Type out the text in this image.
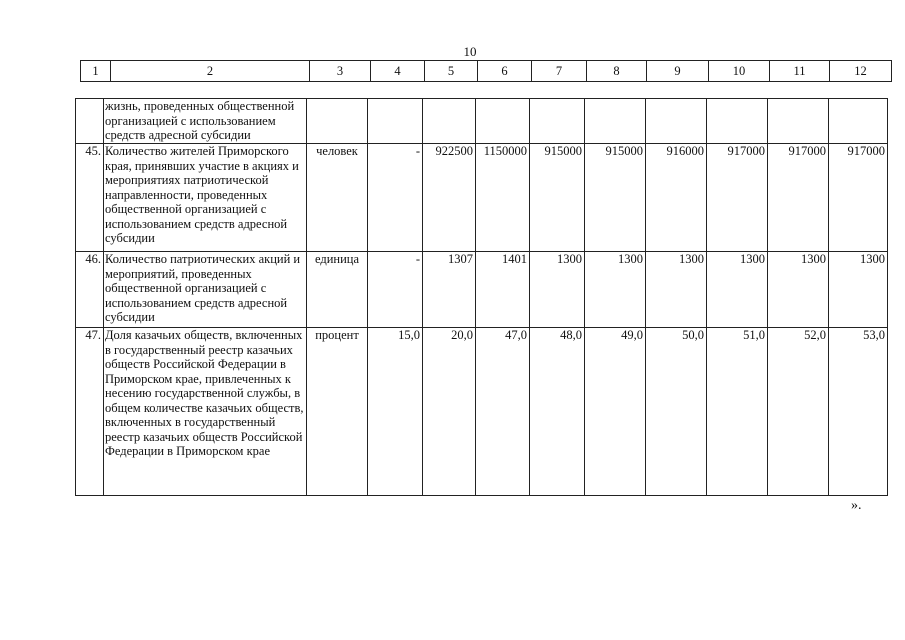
10
1	2	3	4	5	6	7	8	9	10	11	12
	жизнь, проведенных общественной организацией с использованием средств адресной субсидии										
45.	Количество жителей Приморского края, принявших участие в акциях и мероприятиях патриотической направленности, проведенных общественной организацией с использованием средств адресной субсидии	человек	-	922500	1150000	915000	915000	916000	917000	917000	917000
46.	Количество патриотических акций и мероприятий, проведенных общественной организацией с использованием средств адресной субсидии	единица	-	1307	1401	1300	1300	1300	1300	1300	1300
47.	Доля казачьих обществ, включенных в государственный реестр казачьих обществ Российской Федерации в Приморском крае, привлеченных к несению государственной службы, в общем количестве казачьих обществ, включенных в государственный реестр казачьих обществ Российской Федерации в Приморском крае	процент	15,0	20,0	47,0	48,0	49,0	50,0	51,0	52,0	53,0
».
